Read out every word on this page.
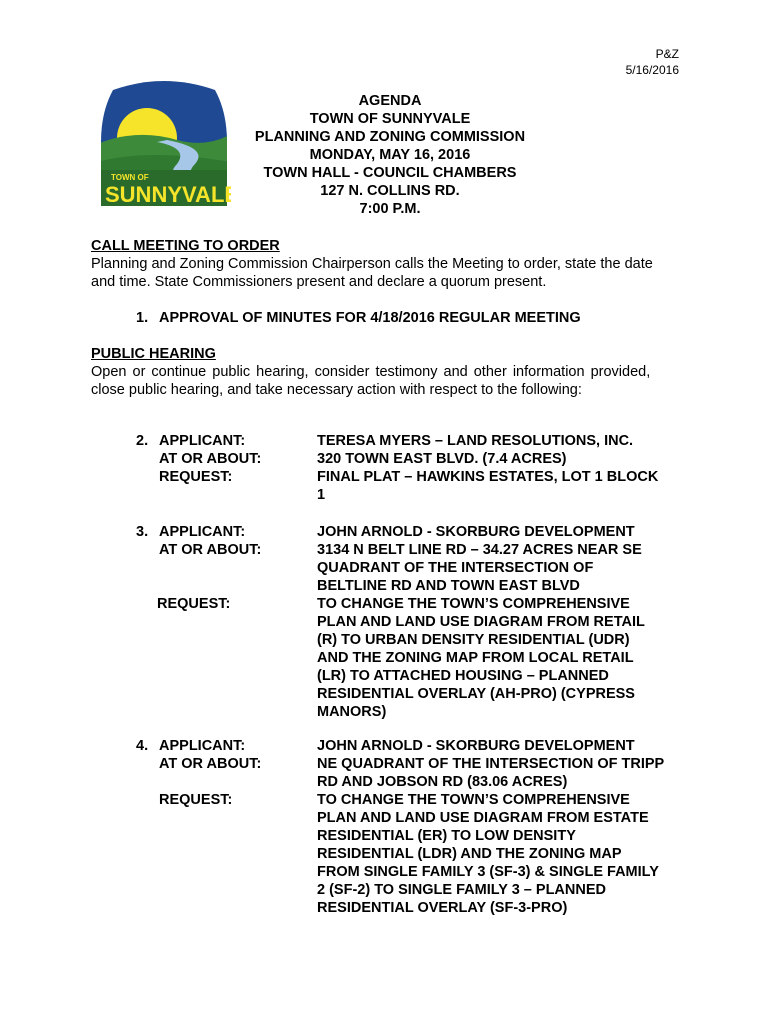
P&Z
5/16/2016
TOWN OF
SUNNYVALE
AGENDA
TOWN OF SUNNYVALE
PLANNING AND ZONING COMMISSION
MONDAY, MAY 16, 2016
TOWN HALL - COUNCIL CHAMBERS
127 N. COLLINS RD.
7:00 P.M.
CALL MEETING TO ORDER
Planning and Zoning Commission Chairperson calls the Meeting to order, state the date
and time. State Commissioners present and declare a quorum present.
1. APPROVAL OF MINUTES FOR 4/18/2016 REGULAR MEETING
PUBLIC HEARING
Open or continue public hearing, consider testimony and other information provided,
close public hearing, and take necessary action with respect to the following:
2. APPLICANT:	TERESA MYERS – LAND RESOLUTIONS, INC.
AT OR ABOUT:	320 TOWN EAST BLVD. (7.4 ACRES)
REQUEST:	FINAL PLAT – HAWKINS ESTATES, LOT 1 BLOCK
1
3. APPLICANT:	JOHN ARNOLD - SKORBURG DEVELOPMENT
AT OR ABOUT:	3134 N BELT LINE RD – 34.27 ACRES NEAR SE
QUADRANT OF THE INTERSECTION OF
BELTLINE RD AND TOWN EAST BLVD
REQUEST:	TO CHANGE THE TOWN’S COMPREHENSIVE
PLAN AND LAND USE DIAGRAM FROM RETAIL
(R) TO URBAN DENSITY RESIDENTIAL (UDR)
AND THE ZONING MAP FROM LOCAL RETAIL
(LR) TO ATTACHED HOUSING – PLANNED
RESIDENTIAL OVERLAY (AH-PRO) (CYPRESS
MANORS)
4. APPLICANT:	JOHN ARNOLD - SKORBURG DEVELOPMENT
AT OR ABOUT:	NE QUADRANT OF THE INTERSECTION OF TRIPP
RD AND JOBSON RD (83.06 ACRES)
REQUEST:	TO CHANGE THE TOWN’S COMPREHENSIVE
PLAN AND LAND USE DIAGRAM FROM ESTATE
RESIDENTIAL (ER) TO LOW DENSITY
RESIDENTIAL (LDR) AND THE ZONING MAP
FROM SINGLE FAMILY 3 (SF-3) & SINGLE FAMILY
2 (SF-2) TO SINGLE FAMILY 3 – PLANNED
RESIDENTIAL OVERLAY (SF-3-PRO)
